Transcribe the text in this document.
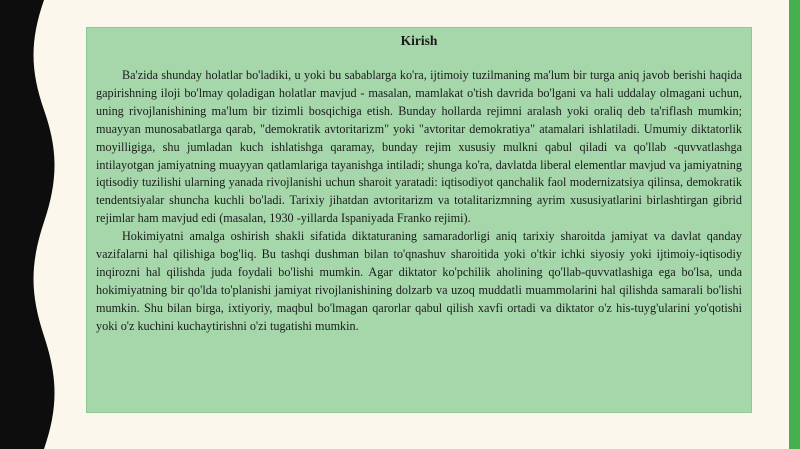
Kirish

Ba'zida shunday holatlar bo'ladiki, u yoki bu sabablarga ko'ra, ijtimoiy tuzilmaning ma'lum bir turga aniq javob berishi haqida gapirishning iloji bo'lmay qoladigan holatlar mavjud - masalan, mamlakat o'tish davrida bo'lgani va hali uddalay olmagani uchun, uning rivojlanishining ma'lum bir tizimli bosqichiga etish. Bunday hollarda rejimni aralash yoki oraliq deb ta'riflash mumkin; muayyan munosabatlarga qarab, "demokratik avtoritarizm" yoki "avtoritar demokratiya" atamalari ishlatiladi. Umumiy diktatorlik moyilligiga, shu jumladan kuch ishlatishga qaramay, bunday rejim xususiy mulkni qabul qiladi va qo'llab -quvvatlashga intilayotgan jamiyatning muayyan qatlamlariga tayanishga intiladi; shunga ko'ra, davlatda liberal elementlar mavjud va jamiyatning iqtisodiy tuzilishi ularning yanada rivojlanishi uchun sharoit yaratadi: iqtisodiyot qanchalik faol modernizatsiya qilinsa, demokratik tendentsiyalar shuncha kuchli bo'ladi. Tarixiy jihatdan avtoritarizm va totalitarizmning ayrim xususiyatlarini birlashtirgan gibrid rejimlar ham mavjud edi (masalan, 1930 -yillarda Ispaniyada Franko rejimi).

Hokimiyatni amalga oshirish shakli sifatida diktaturaning samaradorligi aniq tarixiy sharoitda jamiyat va davlat qanday vazifalarni hal qilishiga bog'liq. Bu tashqi dushman bilan to'qnashuv sharoitida yoki o'tkir ichki siyosiy yoki ijtimoiy-iqtisodiy inqirozni hal qilishda juda foydali bo'lishi mumkin. Agar diktator ko'pchilik aholining qo'llab-quvvatlashiga ega bo'lsa, unda hokimiyatning bir qo'lda to'planishi jamiyat rivojlanishining dolzarb va uzoq muddatli muammolarini hal qilishda samarali bo'lishi mumkin. Shu bilan birga, ixtiyoriy, maqbul bo'lmagan qarorlar qabul qilish xavfi ortadi va diktator o'z his-tuyg'ularini yo'qotishi yoki o'z kuchini kuchaytirishni o'zi tugatishi mumkin.
